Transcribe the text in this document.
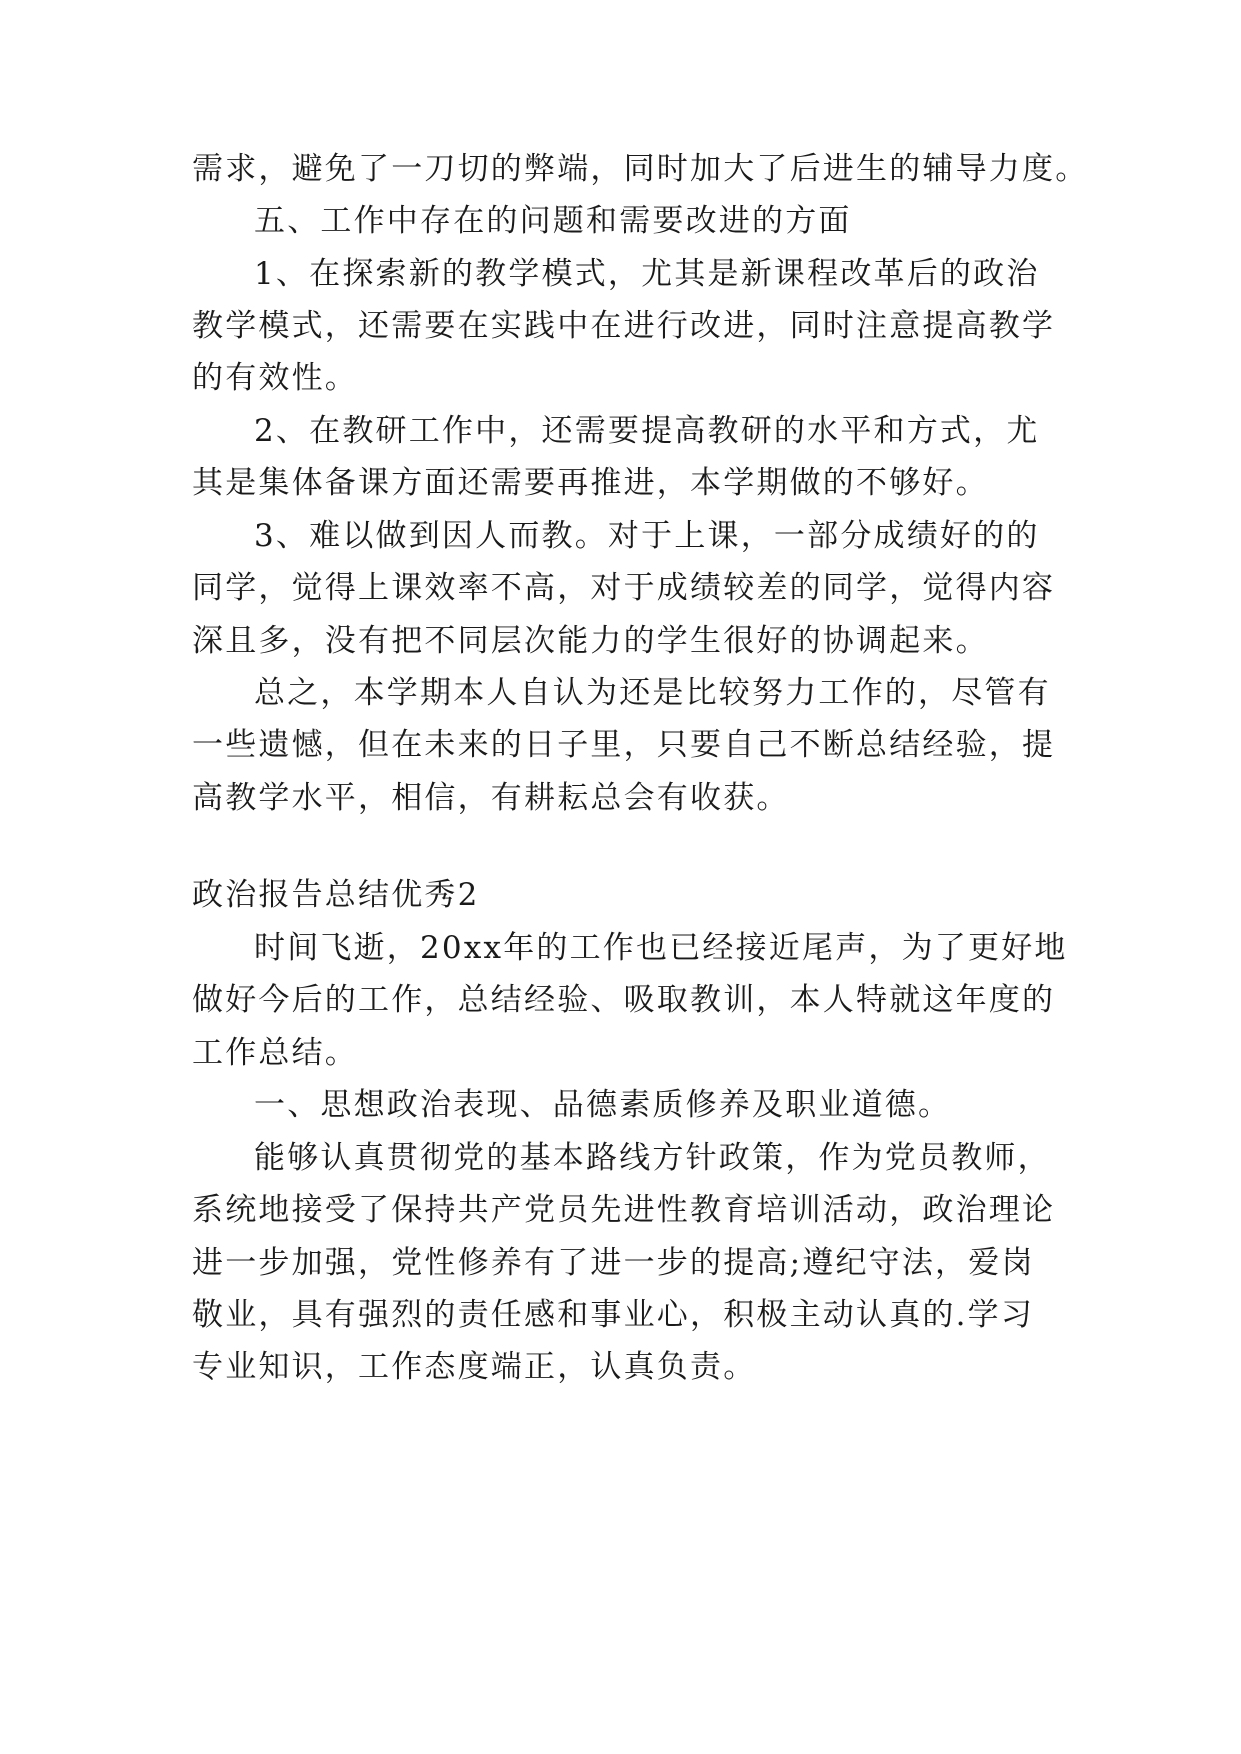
需求，避免了一刀切的弊端，同时加大了后进生的辅导力度。
五、工作中存在的问题和需要改进的方面
1、在探索新的教学模式，尤其是新课程改革后的政治
教学模式，还需要在实践中在进行改进，同时注意提高教学
的有效性。
2、在教研工作中，还需要提高教研的水平和方式，尤
其是集体备课方面还需要再推进，本学期做的不够好。
3、难以做到因人而教。对于上课，一部分成绩好的的
同学，觉得上课效率不高，对于成绩较差的同学，觉得内容
深且多，没有把不同层次能力的学生很好的协调起来。
总之，本学期本人自认为还是比较努力工作的，尽管有
一些遗憾，但在未来的日子里，只要自己不断总结经验，提
高教学水平，相信，有耕耘总会有收获。
政治报告总结优秀2
时间飞逝，20xx年的工作也已经接近尾声，为了更好地
做好今后的工作，总结经验、吸取教训，本人特就这年度的
工作总结。
一、思想政治表现、品德素质修养及职业道德。
能够认真贯彻党的基本路线方针政策，作为党员教师，
系统地接受了保持共产党员先进性教育培训活动，政治理论
进一步加强，党性修养有了进一步的提高;遵纪守法，爱岗
敬业，具有强烈的责任感和事业心，积极主动认真的.学习
专业知识，工作态度端正，认真负责。
